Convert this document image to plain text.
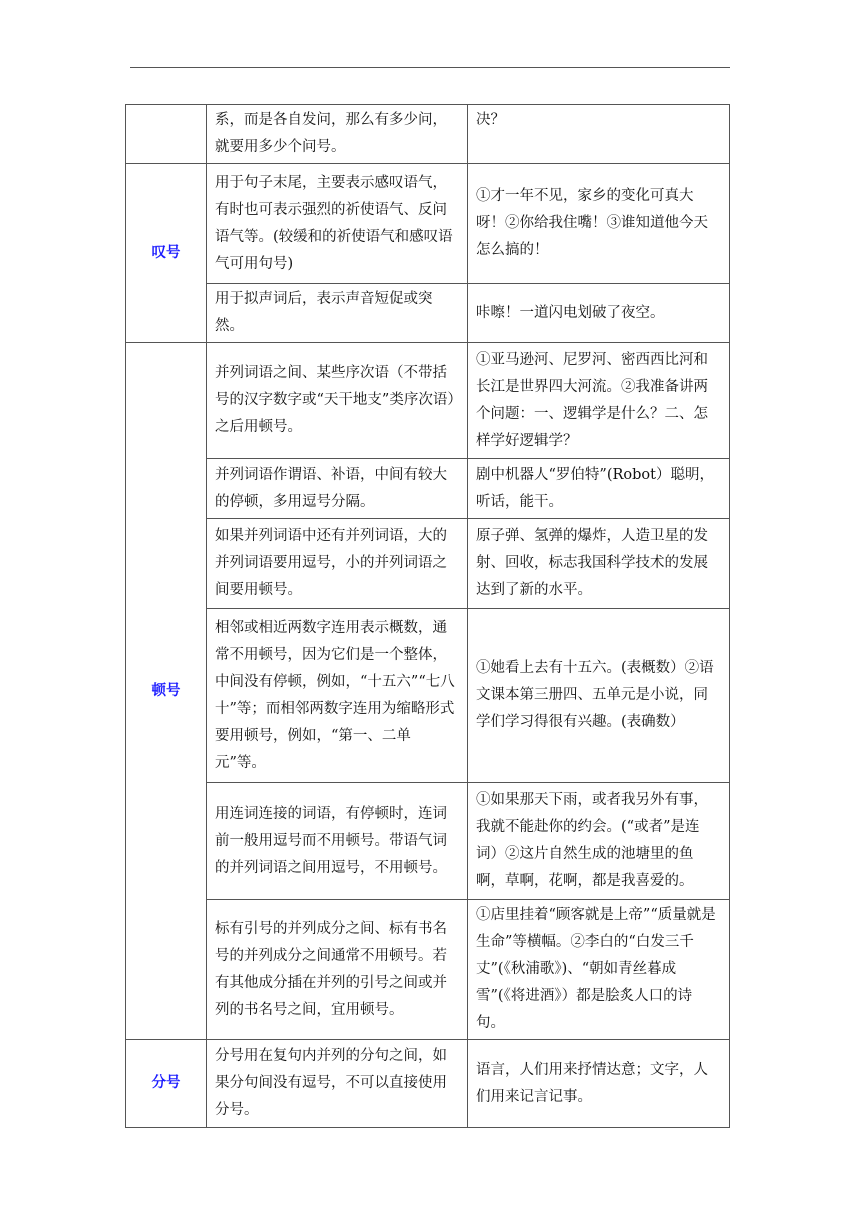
	系，而是各自发问，那么有多少问，就要用多少个问号。	决？
叹号	用于句子末尾，主要表示感叹语气，有时也可表示强烈的祈使语气、反问语气等。(较缓和的祈使语气和感叹语气可用句号)	①才一年不见，家乡的变化可真大呀！②你给我住嘴！③谁知道他今天怎么搞的！
	用于拟声词后，表示声音短促或突然。	咔嚓！一道闪电划破了夜空。
顿号	并列词语之间、某些序次语（不带括号的汉字数字或“天干地支”类序次语）之后用顿号。	①亚马逊河、尼罗河、密西西比河和长江是世界四大河流。②我准备讲两个问题：一、逻辑学是什么？二、怎样学好逻辑学？
	并列词语作谓语、补语，中间有较大的停顿，多用逗号分隔。	剧中机器人“罗伯特”(Robot）聪明，听话，能干。
	如果并列词语中还有并列词语，大的并列词语要用逗号，小的并列词语之间要用顿号。	原子弹、氢弹的爆炸，人造卫星的发射、回收，标志我国科学技术的发展达到了新的水平。
	相邻或相近两数字连用表示概数，通常不用顿号，因为它们是一个整体，中间没有停顿，例如，“十五六”“七八十”等；而相邻两数字连用为缩略形式要用顿号，例如，“第一、二单元”等。	①她看上去有十五六。(表概数）②语文课本第三册四、五单元是小说，同学们学习得很有兴趣。(表确数）
	用连词连接的词语，有停顿时，连词前一般用逗号而不用顿号。带语气词的并列词语之间用逗号，不用顿号。	①如果那天下雨，或者我另外有事，我就不能赴你的约会。(“或者”是连词）②这片自然生成的池塘里的鱼啊，草啊，花啊，都是我喜爱的。
	标有引号的并列成分之间、标有书名号的并列成分之间通常不用顿号。若有其他成分插在并列的引号之间或并列的书名号之间，宜用顿号。	①店里挂着“顾客就是上帝”“质量就是生命”等横幅。②李白的“白发三千丈”(《秋浦歌》)、“朝如青丝暮成雪”(《将进酒》）都是脍炙人口的诗句。
分号	分号用在复句内并列的分句之间，如果分句间没有逗号，不可以直接使用分号。	语言，人们用来抒情达意；文字，人们用来记言记事。
